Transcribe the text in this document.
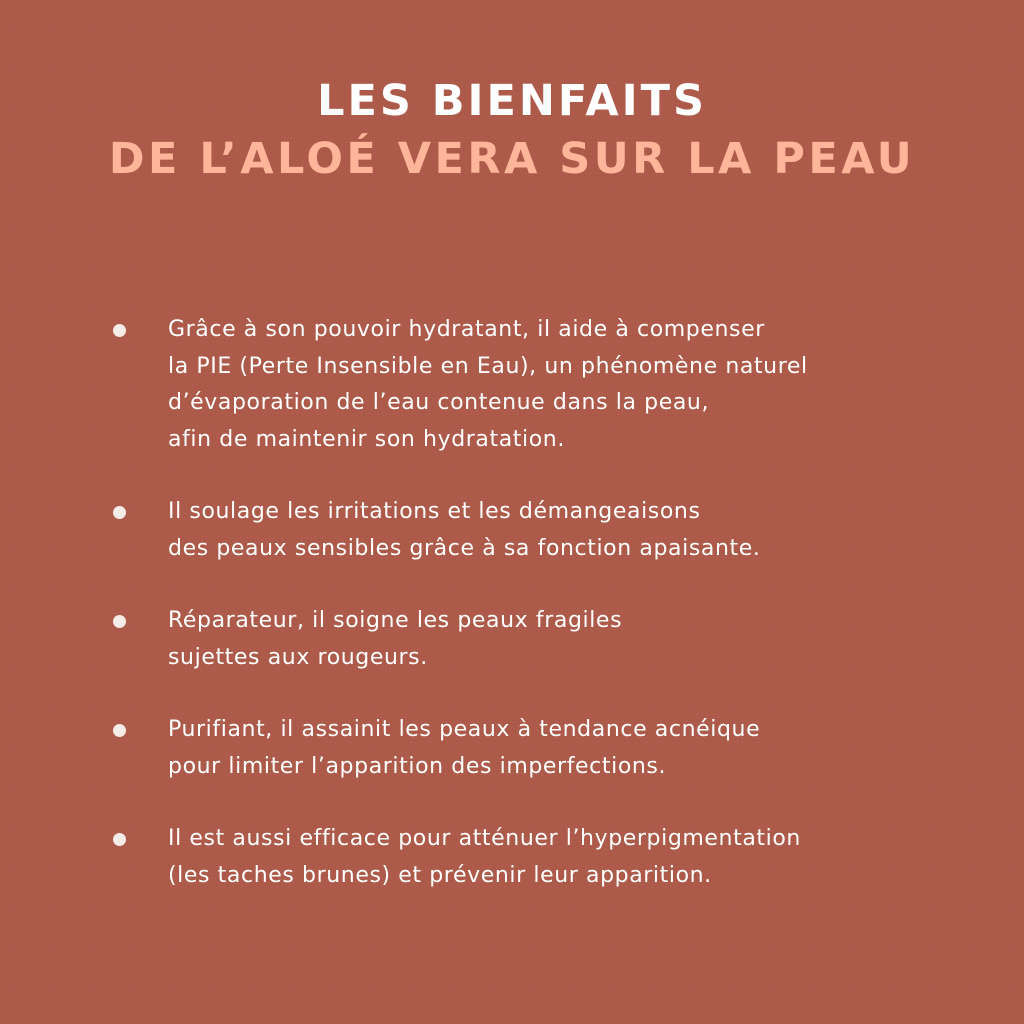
LES BIENFAITS
DE L’ALOÉ VERA SUR LA PEAU
Grâce à son pouvoir hydratant, il aide à compenser
la PIE (Perte Insensible en Eau), un phénomène naturel
d’évaporation de l’eau contenue dans la peau,
afin de maintenir son hydratation.
Il soulage les irritations et les démangeaisons
des peaux sensibles grâce à sa fonction apaisante.
Réparateur, il soigne les peaux fragiles
sujettes aux rougeurs.
Purifiant, il assainit les peaux à tendance acnéique
pour limiter l’apparition des imperfections.
Il est aussi efficace pour atténuer l’hyperpigmentation
(les taches brunes) et prévenir leur apparition.
